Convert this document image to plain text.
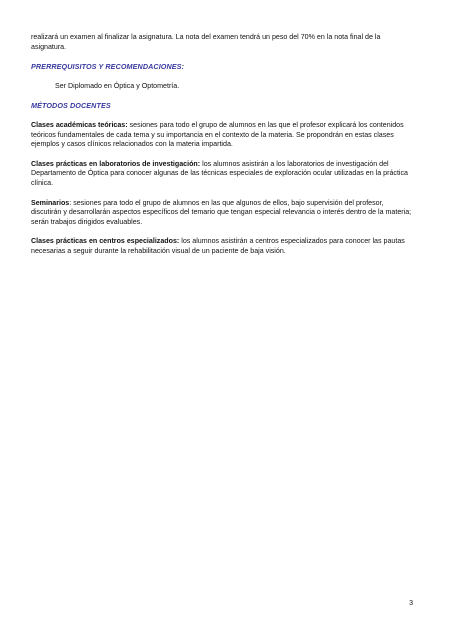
realizará un examen al finalizar la asignatura. La nota del examen tendrá un peso del 70% en la nota final de la asignatura.

PRERREQUISITOS Y RECOMENDACIONES:

Ser Diplomado en Óptica y Optometría.

MÉTODOS DOCENTES

Clases académicas teóricas: sesiones para todo el grupo de alumnos en las que el profesor explicará los contenidos teóricos fundamentales de cada tema y su importancia en el contexto de la materia. Se propondrán en estas clases ejemplos y casos clínicos relacionados con la materia impartida.

Clases prácticas en laboratorios de investigación: los alumnos asistirán a los laboratorios de investigación del Departamento de Óptica para conocer algunas de las técnicas especiales de exploración ocular utilizadas en la práctica clínica.

Seminarios: sesiones para todo el grupo de alumnos en las que algunos de ellos, bajo supervisión del profesor, discutirán y desarrollarán aspectos específicos del temario que tengan especial relevancia o interés dentro de la materia; serán trabajos dirigidos evaluables.

Clases prácticas en centros especializados: los alumnos asistirán a centros especializados para conocer las pautas necesarias a seguir durante la rehabilitación visual de un paciente de baja visión.

3
